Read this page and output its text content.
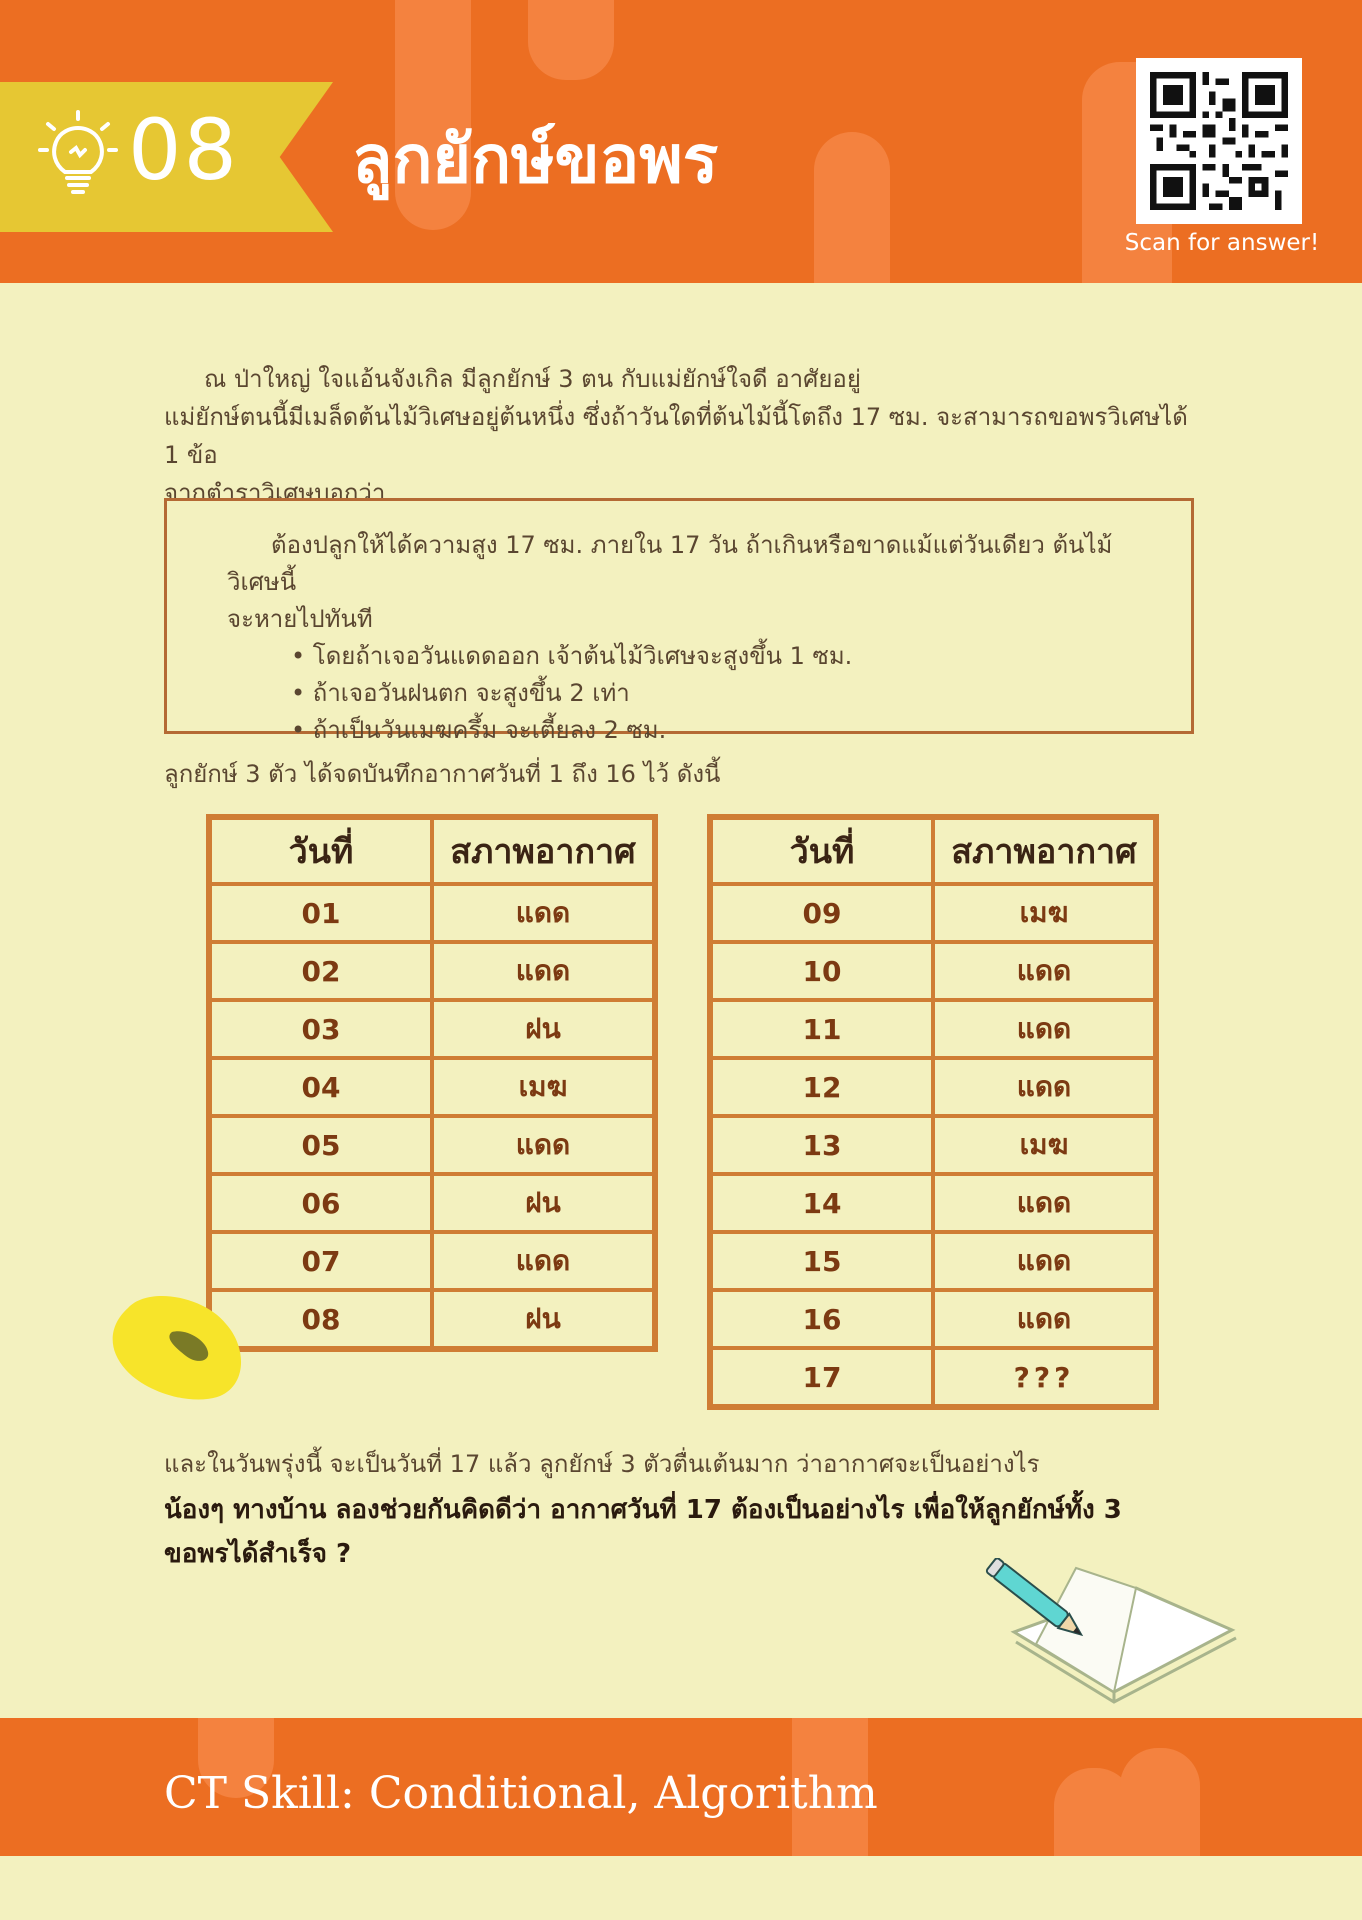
08 ลูกยักษ์ขอพร
Scan for answer!

ณ ป่าใหญ่ ใจแอ้นจังเกิล มีลูกยักษ์ 3 ตน กับแม่ยักษ์ใจดี อาศัยอยู่

แม่ยักษ์ตนนี้มีเมล็ดต้นไม้วิเศษอยู่ต้นหนึ่ง ซึ่งถ้าวันใดที่ต้นไม้นี้โตถึง 17 ซม. จะสามารถขอพรวิเศษได้ 1 ข้อ

จากตำราวิเศษบอกว่า

ต้องปลูกให้ได้ความสูง 17 ซม. ภายใน 17 วัน ถ้าเกินหรือขาดแม้แต่วันเดียว ต้นไม้วิเศษนี้

จะหายไปทันที

• โดยถ้าเจอวันแดดออก เจ้าต้นไม้วิเศษจะสูงขึ้น 1 ซม.
• ถ้าเจอวันฝนตก จะสูงขึ้น 2 เท่า
• ถ้าเป็นวันเมฆครึ้ม จะเตี้ยลง 2 ซม.
ลูกยักษ์ 3 ตัว ได้จดบันทึกอากาศวันที่ 1 ถึง 16 ไว้ ดังนี้
วันที่	สภาพอากาศ
01	แดด
02	แดด
03	ฝน
04	เมฆ
05	แดด
06	ฝน
07	แดด
08	ฝน
วันที่	สภาพอากาศ
09	เมฆ
10	แดด
11	แดด
12	แดด
13	เมฆ
14	แดด
15	แดด
16	แดด
17	???
และในวันพรุ่งนี้ จะเป็นวันที่ 17 แล้ว ลูกยักษ์ 3 ตัวตื่นเต้นมาก ว่าอากาศจะเป็นอย่างไร
น้องๆ ทางบ้าน ลองช่วยกันคิดดีว่า อากาศวันที่ 17 ต้องเป็นอย่างไร เพื่อให้ลูกยักษ์ทั้ง 3
ขอพรได้สำเร็จ ?
CT Skill: Conditional, Algorithm
